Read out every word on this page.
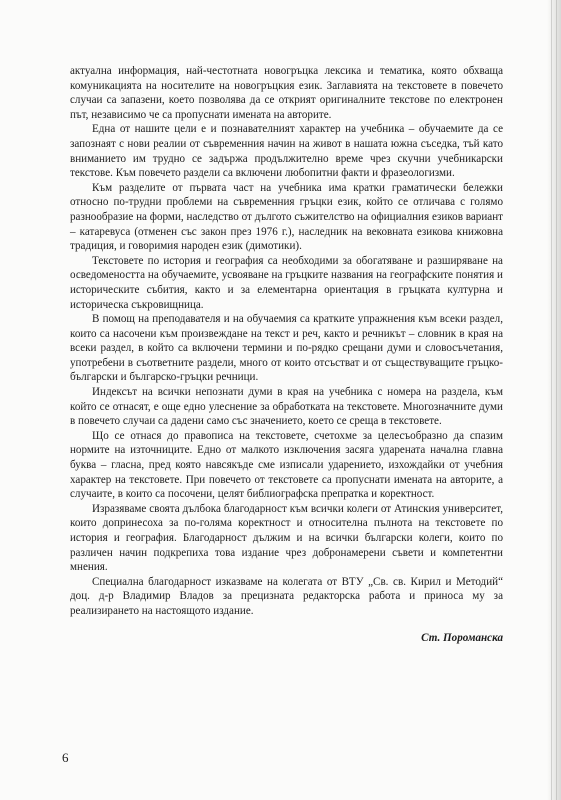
актуална информация, най-честотната новогръцка лексика и тематика, която обхваща комуникацията на носителите на новогръцкия език. Заглавията на текстовете в повечето случаи са запазени, което позволява да се открият оригиналните текстове по електронен път, независимо че са пропуснати имената на авторите.

Една от нашите цели е и познавателният характер на учебника – обучаемите да се запознаят с нови реалии от съвременния начин на живот в нашата южна съседка, тъй като вниманието им трудно се задържа продължително време чрез скучни учебникарски текстове. Към повечето раздели са включени любопитни факти и фразеологизми.

Към разделите от първата част на учебника има кратки граматически бележки относно по-трудни проблеми на съвременния гръцки език, който се отличава с голямо разнообразие на форми, наследство от дългото съжителство на официалния езиков вариант – катаревуса (отменен със закон през 1976 г.), наследник на вековната езикова книжовна традиция, и говоримия народен език (димотики).

Текстовете по история и география са необходими за обогатяване и разширяване на осведомеността на обучаемите, усвояване на гръцките названия на географските понятия и историческите събития, както и за елементарна ориентация в гръцката културна и историческа съкровищница.

В помощ на преподавателя и на обучаемия са кратките упражнения към всеки раздел, които са насочени към произвеждане на текст и реч, както и речникът – словник в края на всеки раздел, в който са включени термини и по-рядко срещани думи и словосъчетания, употребени в съответните раздели, много от които отсъстват и от съществуващите гръцко-български и българско-гръцки речници.

Индексът на всички непознати думи в края на учебника с номера на раздела, към който се отнасят, е още едно улеснение за обработката на текстовете. Многозначните думи в повечето случаи са дадени само със значението, което се среща в текстовете.

Що се отнася до правописа на текстовете, счетохме за целесъобразно да спазим нормите на източниците. Едно от малкото изключения засяга ударената начална главна буква – гласна, пред която навсякъде сме изписали ударението, изхождайки от учебния характер на текстовете. При повечето от текстовете са пропуснати имената на авторите, а случаите, в които са посочени, целят библиографска препратка и коректност.

Изразяваме своята дълбока благодарност към всички колеги от Атинския университет, които допринесоха за по-голяма коректност и относителна пълнота на текстовете по история и география. Благодарност дължим и на всички български колеги, които по различен начин подкрепиха това издание чрез добронамерени съвети и компетентни мнения.

Специална благодарност изказваме на колегата от ВТУ „Св. св. Кирил и Методий“ доц. д-р Владимир Владов за прецизната редакторска работа и приноса му за реализирането на настоящото издание.

Ст. Пороманска
6
